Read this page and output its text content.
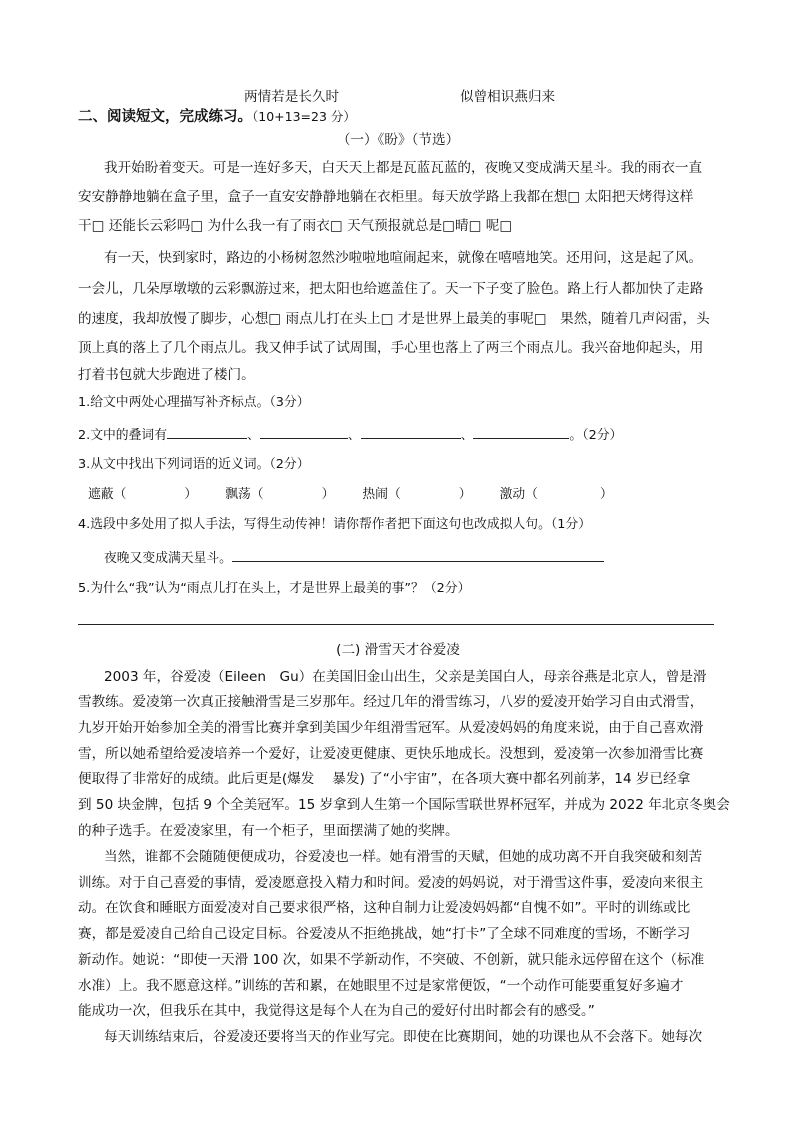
两情若是长久时	似曾相识燕归来
二、阅读短文，完成练习。（10+13=23 分）
（一）《盼》（节选）
我开始盼着变天。可是一连好多天，白天天上都是瓦蓝瓦蓝的，夜晚又变成满天星斗。我的雨衣一直
安安静静地躺在盒子里，盒子一直安安静静地躺在衣柜里。每天放学路上我都在想□ 太阳把天烤得这样
干□ 还能长云彩吗□ 为什么我一有了雨衣□ 天气预报就总是□晴□ 呢□
有一天，快到家时，路边的小杨树忽然沙啦啦地喧闹起来，就像在嘻嘻地笑。还用问，这是起了风。
一会儿，几朵厚墩墩的云彩飘游过来，把太阳也给遮盖住了。天一下子变了脸色。路上行人都加快了走路
的速度，我却放慢了脚步，心想□ 雨点儿打在头上□ 才是世界上最美的事呢□　果然，随着几声闷雷，头
顶上真的落上了几个雨点儿。我又伸手试了试周围，手心里也落上了两三个雨点儿。我兴奋地仰起头，用
打着书包就大步跑进了楼门。
1.给文中两处心理描写补齐标点。（3分）
2.文中的叠词有	、	、	、	。（2分）
3.从文中找出下列词语的近义词。（2分）
遮蔽（	） 飘荡（	） 热闹（	） 激动（	）
4.选段中多处用了拟人手法，写得生动传神！请你帮作者把下面这句也改成拟人句。（1分）
夜晚又变成满天星斗。
5.为什么“我”认为“雨点儿打在头上，才是世界上最美的事”？（2分）
(二) 滑雪天才谷爱凌
2003 年，谷爱凌（Eileen　Gu）在美国旧金山出生，父亲是美国白人，母亲谷燕是北京人，曾是滑
雪教练。爱凌第一次真正接触滑雪是三岁那年。经过几年的滑雪练习，八岁的爱凌开始学习自由式滑雪，
九岁开始开始参加全美的滑雪比赛并拿到美国少年组滑雪冠军。从爱凌妈妈的角度来说，由于自己喜欢滑
雪，所以她希望给爱凌培养一个爱好，让爱凌更健康、更快乐地成长。没想到，爱凌第一次参加滑雪比赛
便取得了非常好的成绩。此后更是(爆发　 暴发) 了“小宇宙”，在各项大赛中都名列前茅，14 岁已经拿
到 50 块金牌，包括 9 个全美冠军。15 岁拿到人生第一个国际雪联世界杯冠军，并成为 2022 年北京冬奥会
的种子选手。在爱凌家里，有一个柜子，里面摆满了她的奖牌。
当然，谁都不会随随便便成功，谷爱凌也一样。她有滑雪的天赋，但她的成功离不开自我突破和刻苦
训练。对于自己喜爱的事情，爱凌愿意投入精力和时间。爱凌的妈妈说，对于滑雪这件事，爱凌向来很主
动。在饮食和睡眠方面爱凌对自己要求很严格，这种自制力让爱凌妈妈都“自愧不如”。平时的训练或比
赛，都是爱凌自己给自己设定目标。谷爱凌从不拒绝挑战，她“打卡”了全球不同难度的雪场，不断学习
新动作。她说：“即使一天滑 100 次，如果不学新动作，不突破、不创新，就只能永远停留在这个（标准
水准）上。我不愿意这样。”训练的苦和累，在她眼里不过是家常便饭，“一个动作可能要重复好多遍才
能成功一次，但我乐在其中，我觉得这是每个人在为自己的爱好付出时都会有的感受。”
每天训练结束后，谷爱凌还要将当天的作业写完。即使在比赛期间，她的功课也从不会落下。她每次
